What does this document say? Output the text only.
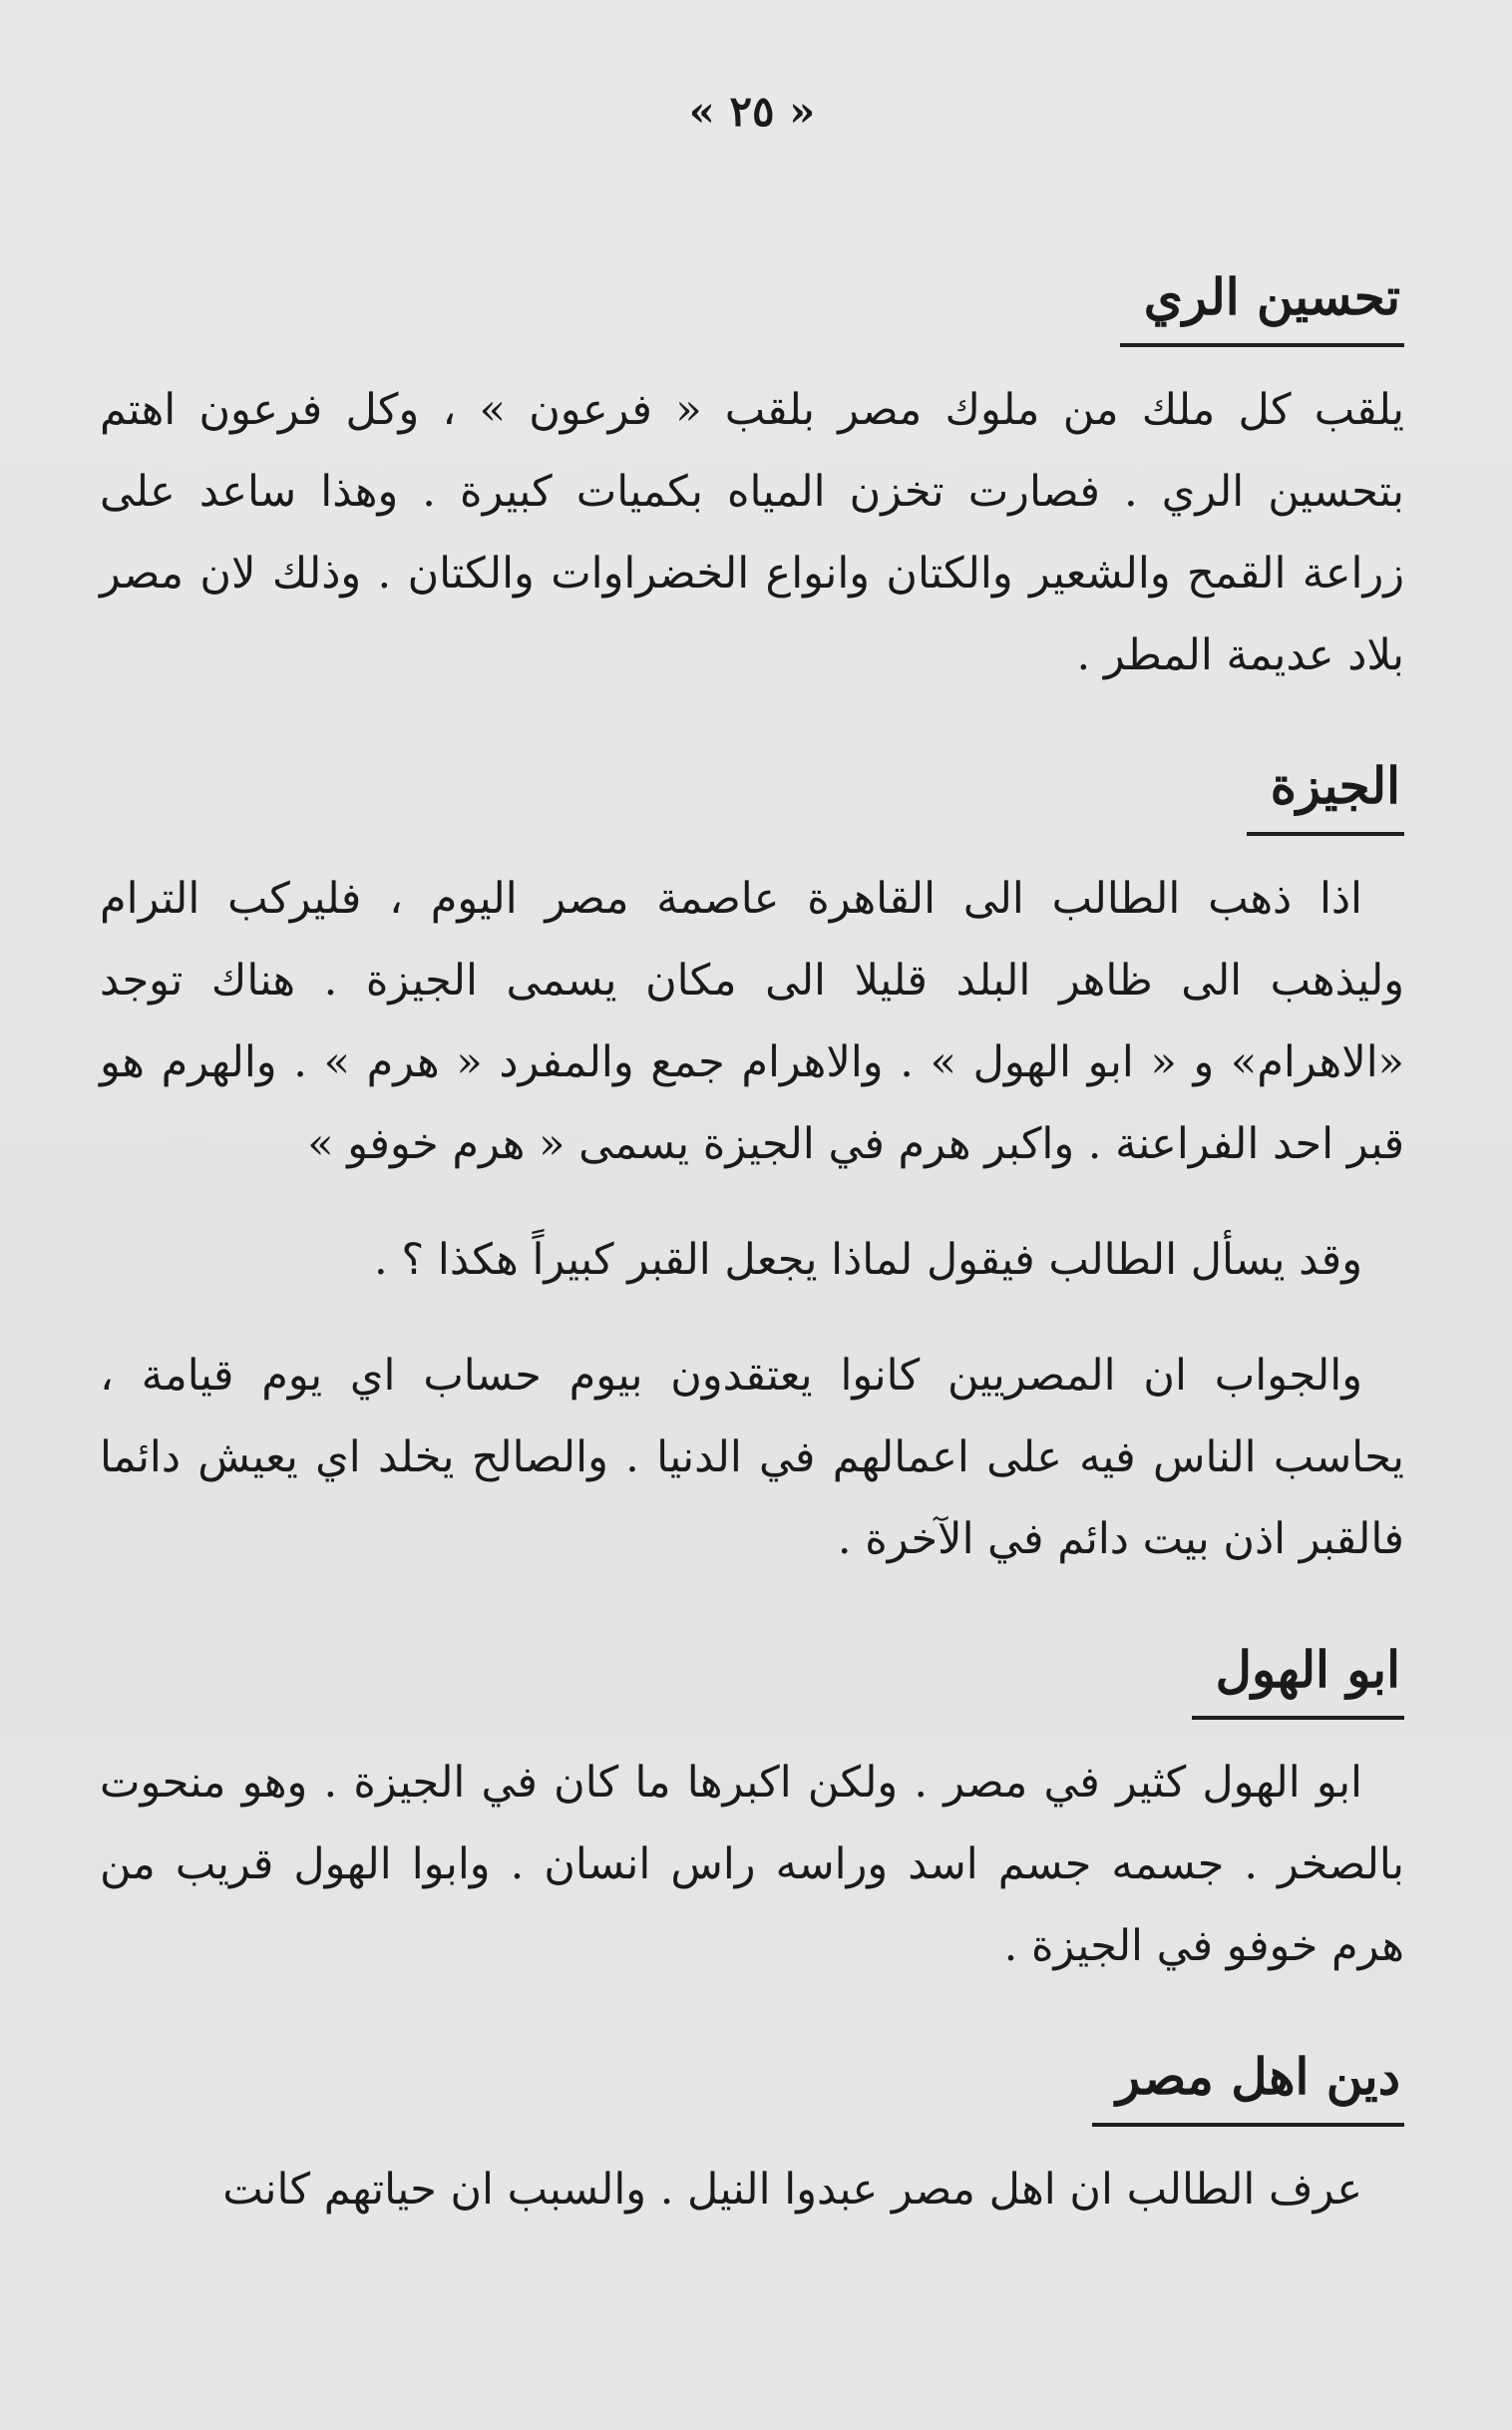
« ٢٥ »
تحسين الري

يلقب كل ملك من ملوك مصر بلقب « فرعون » ، وكل فرعون اهتم بتحسين الري . فصارت تخزن المياه بكميات كبيرة . وهذا ساعد على زراعة القمح والشعير والكتان وانواع الخضراوات والكتان . وذلك لان مصر بلاد عديمة المطر .

الجيزة

اذا ذهب الطالب الى القاهرة عاصمة مصر اليوم ، فليركب الترام وليذهب الى ظاهر البلد قليلا الى مكان يسمى الجيزة . هناك توجد «الاهرام» و « ابو الهول » . والاهرام جمع والمفرد « هرم » . والهرم هو قبر احد الفراعنة . واكبر هرم في الجيزة يسمى « هرم خوفو »

وقد يسأل الطالب فيقول لماذا يجعل القبر كبيراً هكذا ؟ .

والجواب ان المصريين كانوا يعتقدون بيوم حساب اي يوم قيامة ، يحاسب الناس فيه على اعمالهم في الدنيا . والصالح يخلد اي يعيش دائما فالقبر اذن بيت دائم في الآخرة .

ابو الهول

ابو الهول كثير في مصر . ولكن اكبرها ما كان في الجيزة . وهو منحوت بالصخر . جسمه جسم اسد وراسه راس انسان . وابوا الهول قريب من هرم خوفو في الجيزة .

دين اهل مصر

عرف الطالب ان اهل مصر عبدوا النيل . والسبب ان حياتهم كانت
